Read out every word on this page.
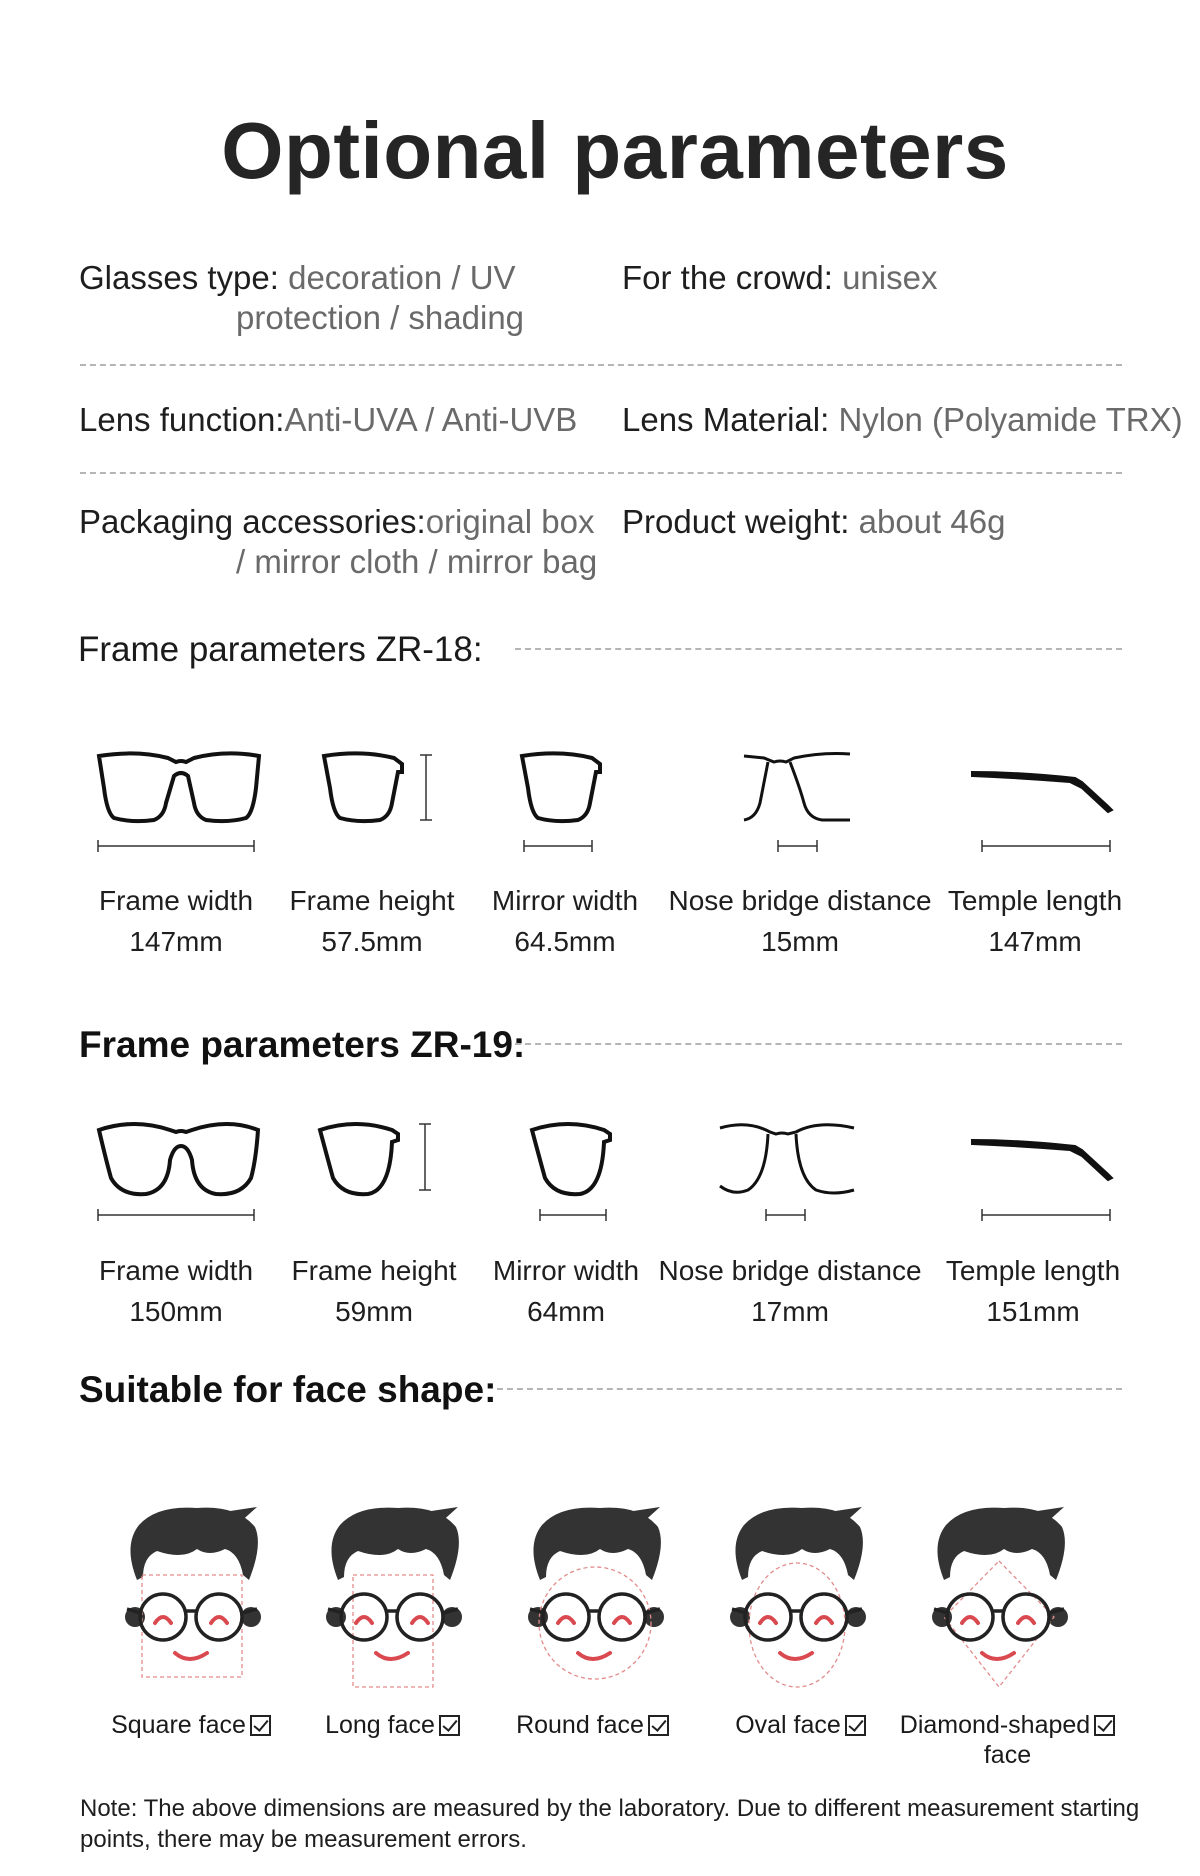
Optional parameters
Glasses type: decoration / UV
protection / shading
For the crowd: unisex
Lens function:Anti-UVA / Anti-UVB Lens Material: Nylon (Polyamide TRX)
Packaging accessories:original box
/ mirror cloth / mirror bag
Product weight: about 46g
Frame parameters ZR-18:
Frame width
147mm
Frame height
57.5mm
Mirror width
64.5mm
Nose bridge distance
15mm
Temple length
147mm
Frame parameters ZR-19:
Frame width
150mm
Frame height
59mm
Mirror width
64mm
Nose bridge distance
17mm
Temple length
151mm
Suitable for face shape:
Square face	Long face	Round face	Oval face	Diamond-shaped
face
Note: The above dimensions are measured by the laboratory. Due to different measurement starting points, there may be measurement errors.
